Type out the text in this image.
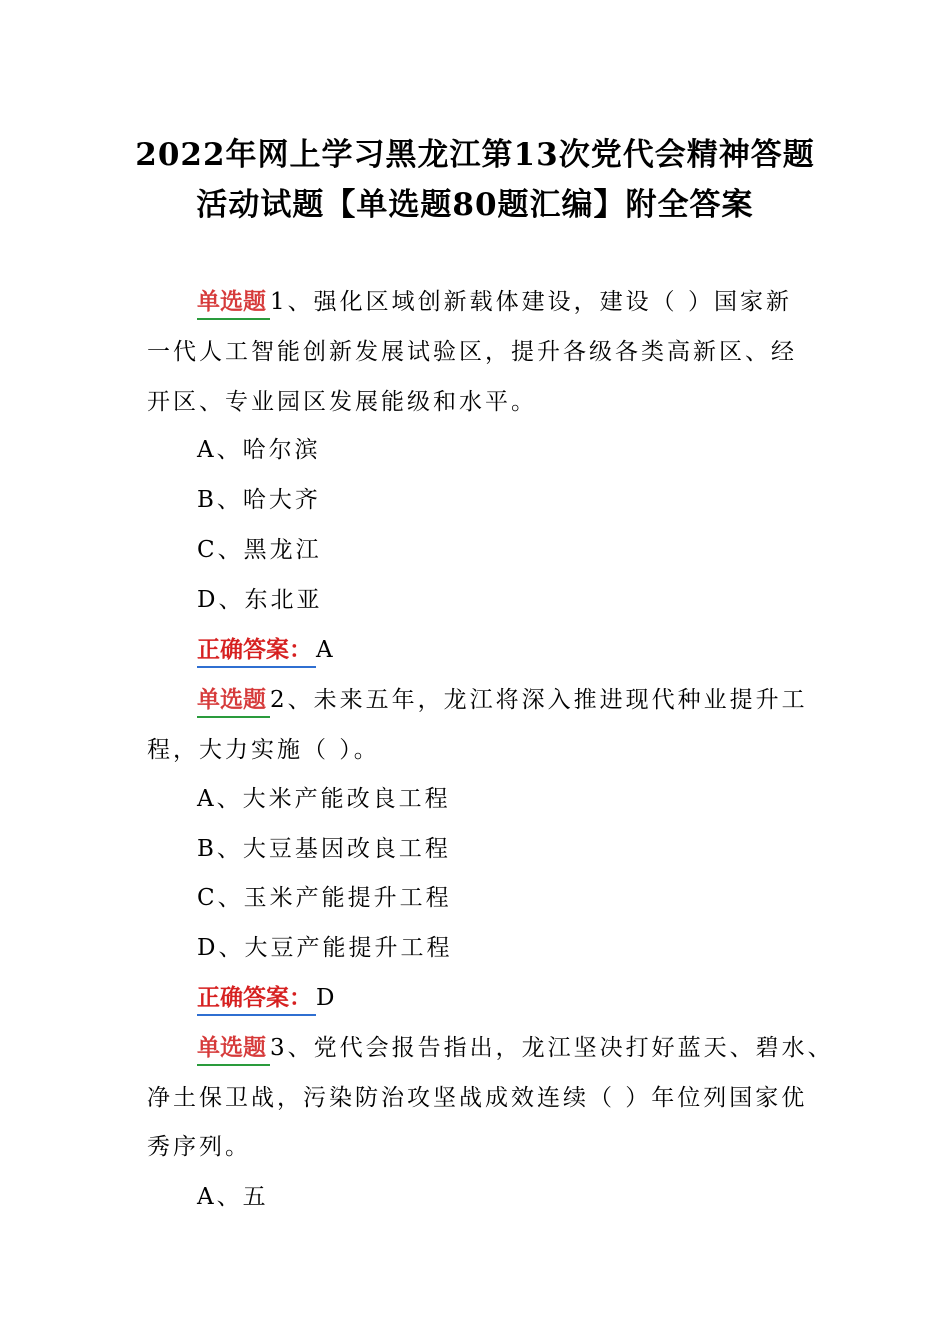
2022年网上学习黑龙江第13次党代会精神答题
活动试题【单选题80题汇编】附全答案
单选题 1、强化区域创新载体建设，建设（ ）国家新
一代人工智能创新发展试验区，提升各级各类高新区、经
开区、专业园区发展能级和水平。
A、哈尔滨
B、哈大齐
C、黑龙江
D、东北亚
正确答案： A
单选题 2、未来五年，龙江将深入推进现代种业提升工
程，大力实施（ ）。
A、大米产能改良工程
B、大豆基因改良工程
C、玉米产能提升工程
D、大豆产能提升工程
正确答案： D
单选题 3、党代会报告指出，龙江坚决打好蓝天、碧水、
净土保卫战，污染防治攻坚战成效连续（ ）年位列国家优
秀序列。
A、五
